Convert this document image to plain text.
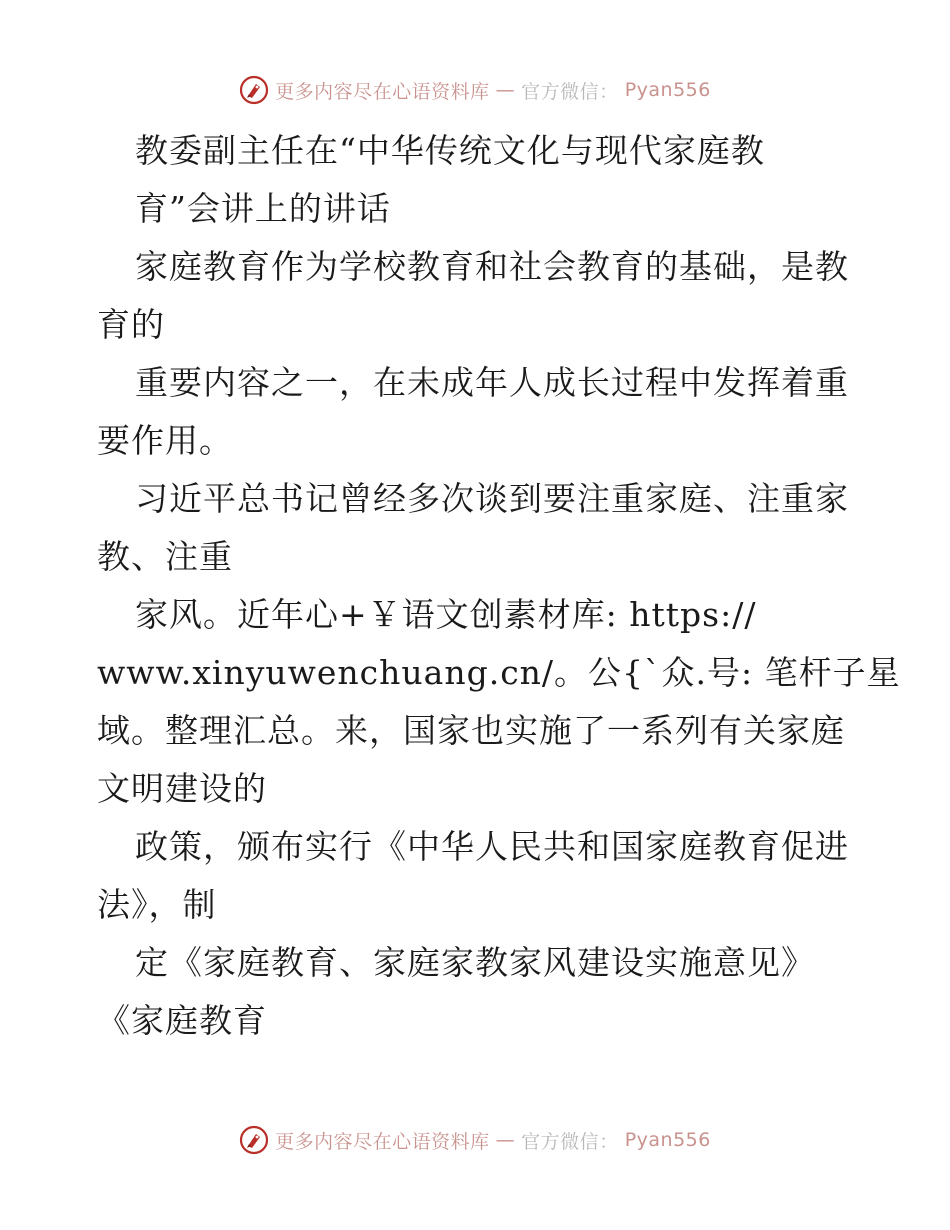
更多内容尽在心语资料库 — 官方微信： Pyan556
教委副主任在“中华传统文化与现代家庭教
育”会讲上的讲话
家庭教育作为学校教育和社会教育的基础，是教
育的
重要内容之一，在未成年人成长过程中发挥着重
要作用。
习近平总书记曾经多次谈到要注重家庭、注重家
教、注重
家风。近年心+￥语文创素材库: https://
www.xinyuwenchuang.cn/。公{`众.号: 笔杆子星
域。整理汇总。来，国家也实施了一系列有关家庭
文明建设的
政策，颁布实行《中华人民共和国家庭教育促进
法》，制
定《家庭教育、家庭家教家风建设实施意见》
《家庭教育
更多内容尽在心语资料库 — 官方微信： Pyan556
